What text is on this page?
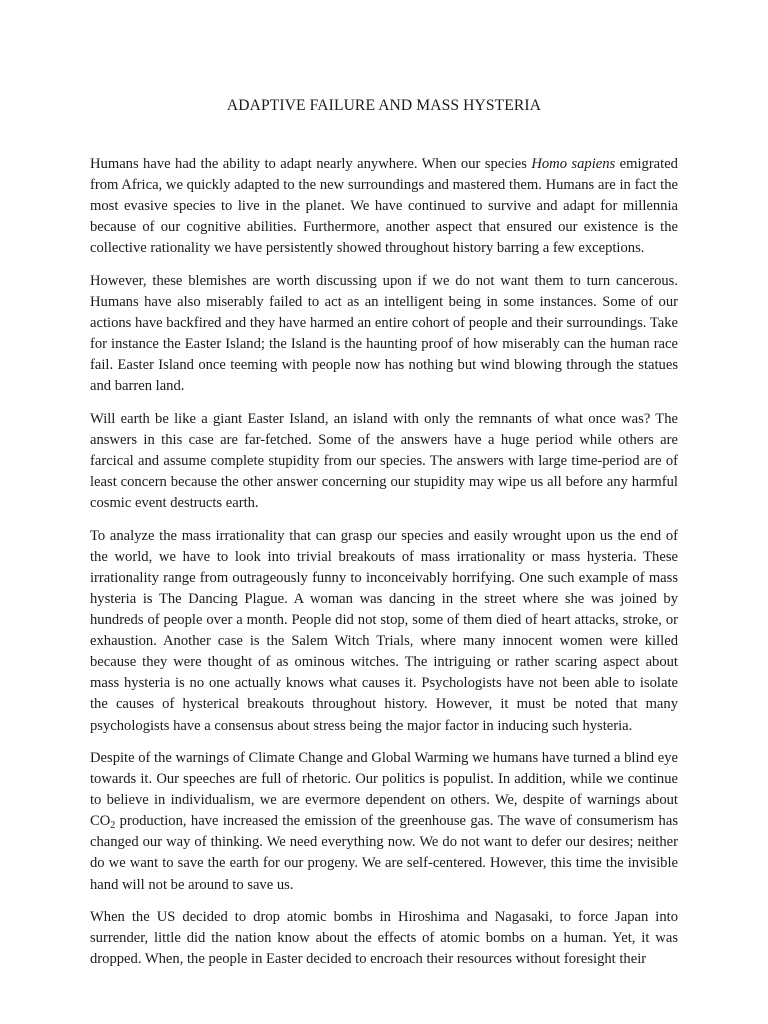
ADAPTIVE FAILURE AND MASS HYSTERIA

Humans have had the ability to adapt nearly anywhere. When our species Homo sapiens emigrated from Africa, we quickly adapted to the new surroundings and mastered them. Humans are in fact the most evasive species to live in the planet. We have continued to survive and adapt for millennia because of our cognitive abilities. Furthermore, another aspect that ensured our existence is the collective rationality we have persistently showed throughout history barring a few exceptions.

However, these blemishes are worth discussing upon if we do not want them to turn cancerous. Humans have also miserably failed to act as an intelligent being in some instances. Some of our actions have backfired and they have harmed an entire cohort of people and their surroundings. Take for instance the Easter Island; the Island is the haunting proof of how miserably can the human race fail. Easter Island once teeming with people now has nothing but wind blowing through the statues and barren land.

Will earth be like a giant Easter Island, an island with only the remnants of what once was? The answers in this case are far-fetched. Some of the answers have a huge period while others are farcical and assume complete stupidity from our species. The answers with large time-period are of least concern because the other answer concerning our stupidity may wipe us all before any harmful cosmic event destructs earth.

To analyze the mass irrationality that can grasp our species and easily wrought upon us the end of the world, we have to look into trivial breakouts of mass irrationality or mass hysteria. These irrationality range from outrageously funny to inconceivably horrifying. One such example of mass hysteria is The Dancing Plague. A woman was dancing in the street where she was joined by hundreds of people over a month. People did not stop, some of them died of heart attacks, stroke, or exhaustion. Another case is the Salem Witch Trials, where many innocent women were killed because they were thought of as ominous witches. The intriguing or rather scaring aspect about mass hysteria is no one actually knows what causes it. Psychologists have not been able to isolate the causes of hysterical breakouts throughout history. However, it must be noted that many psychologists have a consensus about stress being the major factor in inducing such hysteria.

Despite of the warnings of Climate Change and Global Warming we humans have turned a blind eye towards it. Our speeches are full of rhetoric. Our politics is populist. In addition, while we continue to believe in individualism, we are evermore dependent on others. We, despite of warnings about $CO_2$ production, have increased the emission of the greenhouse gas. The wave of consumerism has changed our way of thinking. We need everything now. We do not want to defer our desires; neither do we want to save the earth for our progeny. We are self-centered. However, this time the invisible hand will not be around to save us.

When the US decided to drop atomic bombs in Hiroshima and Nagasaki, to force Japan into surrender, little did the nation know about the effects of atomic bombs on a human. Yet, it was dropped. When, the people in Easter decided to encroach their resources without foresight their
